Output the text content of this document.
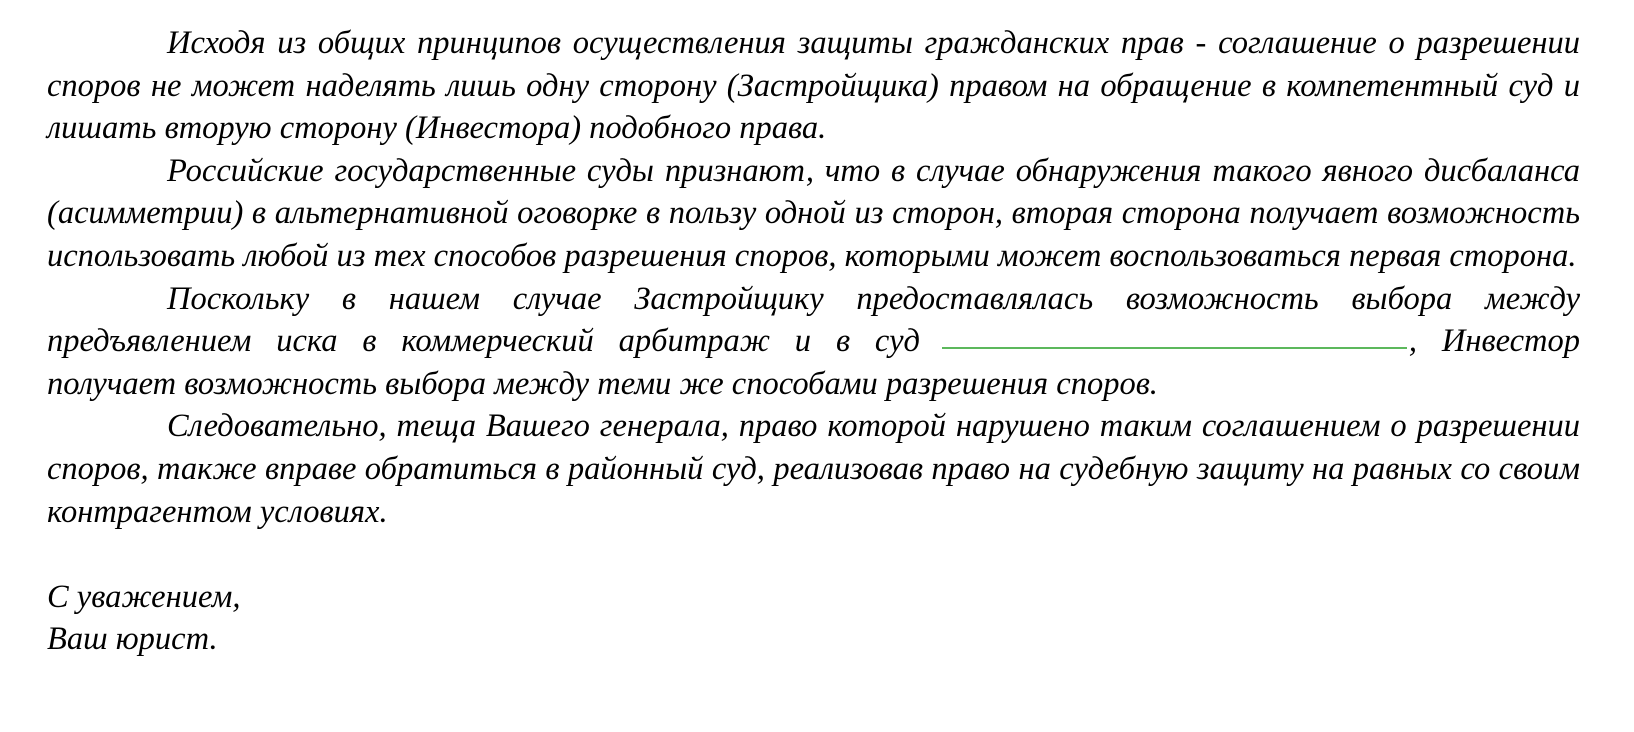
Исходя из общих принципов осуществления защиты гражданских прав - соглашение о разрешении споров не может наделять лишь одну сторону (Застройщика) правом на обращение в компетентный суд и лишать вторую сторону (Инвестора) подобного права.

Российские государственные суды признают, что в случае обнаружения такого явного дисбаланса (асимметрии) в альтернативной оговорке в пользу одной из сторон, вторая сторона получает возможность использовать любой из тех способов разрешения споров, которыми может воспользоваться первая сторона.

Поскольку в нашем случае Застройщику предоставлялась возможность выбора между предъявлением иска в коммерческий арбитраж и в суд	, Инвестор получает возможность выбора между теми же способами разрешения споров.

Следовательно, теща Вашего генерала, право которой нарушено таким соглашением о разрешении споров, также вправе обратиться в районный суд, реализовав право на судебную защиту на равных со своим контрагентом условиях.

С уважением,

Ваш юрист.
